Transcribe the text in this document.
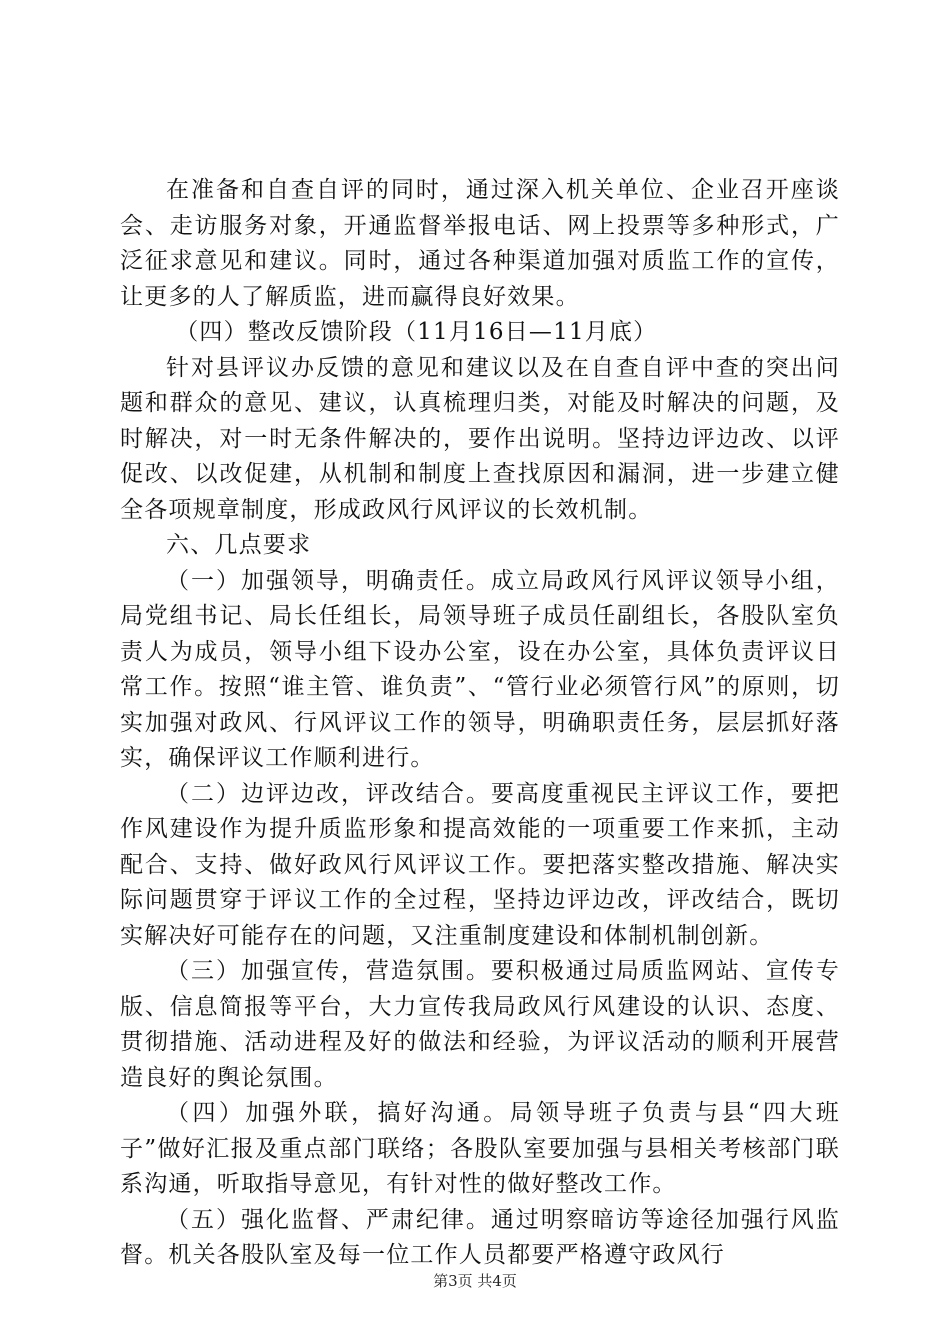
在准备和自查自评的同时，通过深入机关单位、企业召开座谈会、走访服务对象，开通监督举报电话、网上投票等多种形式，广泛征求意见和建议。同时，通过各种渠道加强对质监工作的宣传，让更多的人了解质监，进而赢得良好效果。

（四）整改反馈阶段（11月16日—11月底）

针对县评议办反馈的意见和建议以及在自查自评中查的突出问题和群众的意见、建议，认真梳理归类，对能及时解决的问题，及时解决，对一时无条件解决的，要作出说明。坚持边评边改、以评促改、以改促建，从机制和制度上查找原因和漏洞，进一步建立健全各项规章制度，形成政风行风评议的长效机制。

六、几点要求

（一）加强领导，明确责任。成立局政风行风评议领导小组，局党组书记、局长任组长，局领导班子成员任副组长，各股队室负责人为成员，领导小组下设办公室，设在办公室，具体负责评议日常工作。按照“谁主管、谁负责”、“管行业必须管行风”的原则，切实加强对政风、行风评议工作的领导，明确职责任务，层层抓好落实，确保评议工作顺利进行。

（二）边评边改，评改结合。要高度重视民主评议工作，要把作风建设作为提升质监形象和提高效能的一项重要工作来抓，主动配合、支持、做好政风行风评议工作。要把落实整改措施、解决实际问题贯穿于评议工作的全过程，坚持边评边改，评改结合，既切实解决好可能存在的问题，又注重制度建设和体制机制创新。

（三）加强宣传，营造氛围。要积极通过局质监网站、宣传专版、信息简报等平台，大力宣传我局政风行风建设的认识、态度、贯彻措施、活动进程及好的做法和经验，为评议活动的顺利开展营造良好的舆论氛围。

（四）加强外联，搞好沟通。局领导班子负责与县“四大班子”做好汇报及重点部门联络；各股队室要加强与县相关考核部门联系沟通，听取指导意见，有针对性的做好整改工作。

（五）强化监督、严肃纪律。通过明察暗访等途径加强行风监督。机关各股队室及每一位工作人员都要严格遵守政风行

第3页 共4页
